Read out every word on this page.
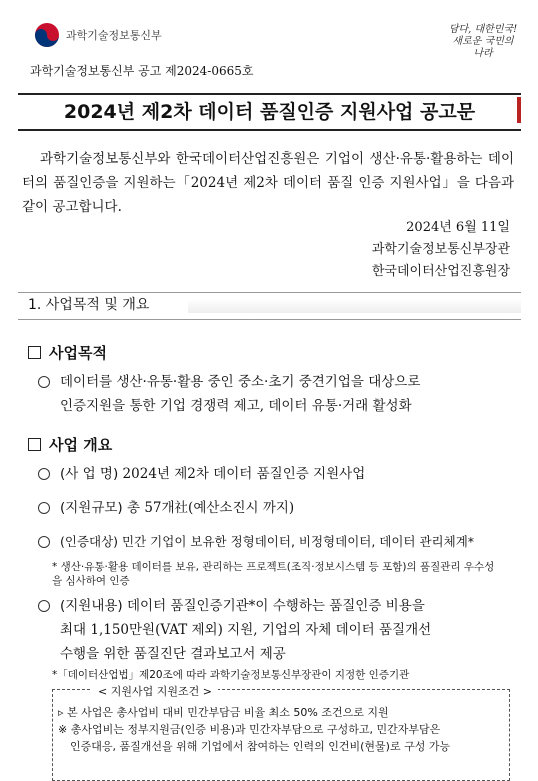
과학기술정보통신부	담다, 대한민국! 새로운 국민의 나라
과학기술정보통신부 공고 제2024-0665호
2024년 제2차 데이터 품질인증 지원사업 공고문
과학기술정보통신부와 한국데이터산업진흥원은 기업이 생산·유통·활용하는 데이터의 품질인증을 지원하는「2024년 제2차 데이터 품질 인증 지원사업」을 다음과 같이 공고합니다.
2024년 6월 11일
과학기술정보통신부장관
한국데이터산업진흥원장
1. 사업목적 및 개요
사업목적
데이터를 생산·유통·활용 중인 중소·초기 중견기업을 대상으로
인증지원을 통한 기업 경쟁력 제고, 데이터 유통·거래 활성화
사업 개요
(사 업 명) 2024년 제2차 데이터 품질인증 지원사업
(지원규모) 총 57개社(예산소진시 까지)
(인증대상) 민간 기업이 보유한 정형데이터, 비정형데이터, 데이터 관리체계*
* 생산·유통·활용 데이터를 보유, 관리하는 프로젝트(조직·정보시스템 등 포함)의 품질관리 우수성을 심사하여 인증
(지원내용) 데이터 품질인증기관*이 수행하는 품질인증 비용을
최대 1,150만원(VAT 제외) 지원, 기업의 자체 데이터 품질개선
수행을 위한 품질진단 결과보고서 제공
*「데이터산업법」제20조에 따라 과학기술정보통신부장관이 지정한 인증기관
< 지원사업 지원조건 >
▹ 본 사업은 총사업비 대비 민간부담금 비율 최소 50% 조건으로 지원
※ 총사업비는 정부지원금(인증 비용)과 민간자부담으로 구성하고, 민간자부담은
인증대응, 품질개선을 위해 기업에서 참여하는 인력의 인건비(현물)로 구성 가능
